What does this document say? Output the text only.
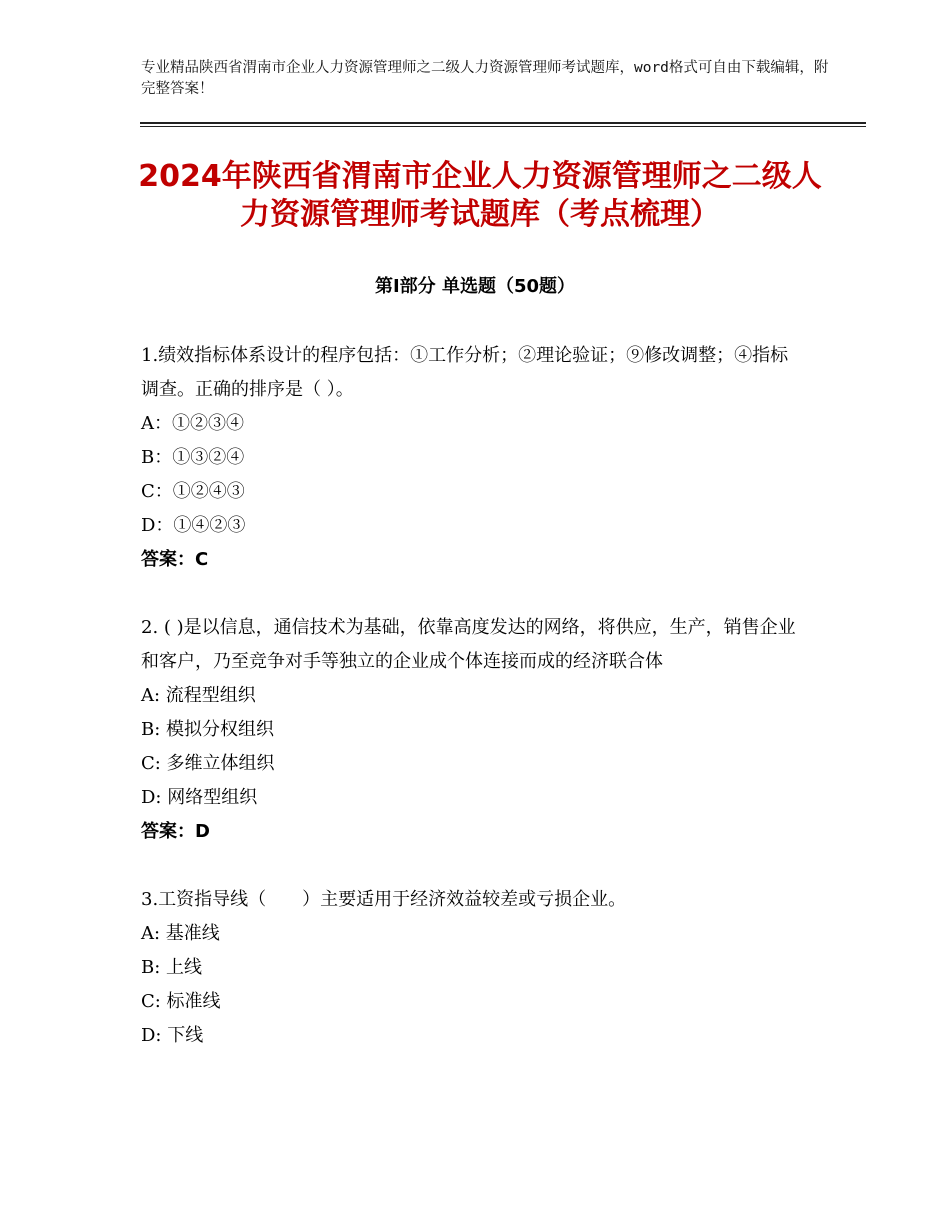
专业精品陕西省渭南市企业人力资源管理师之二级人力资源管理师考试题库，word格式可自由下载编辑，附完整答案！
2024年陕西省渭南市企业人力资源管理师之二级人力资源管理师考试题库（考点梳理）
第Ⅰ部分 单选题（50题）

1.绩效指标体系设计的程序包括：①工作分析；②理论验证；⑨修改调整；④指标调查。正确的排序是（ ）。

A：①②③④

B：①③②④

C：①②④③

D：①④②③

答案：C

2. ( )是以信息，通信技术为基础，依靠高度发达的网络，将供应，生产，销售企业和客户，乃至竞争对手等独立的企业成个体连接而成的经济联合体

A: 流程型组织

B: 模拟分权组织

C: 多维立体组织

D: 网络型组织

答案：D

3.工资指导线（　　）主要适用于经济效益较差或亏损企业。

A: 基准线

B: 上线

C: 标准线

D: 下线
